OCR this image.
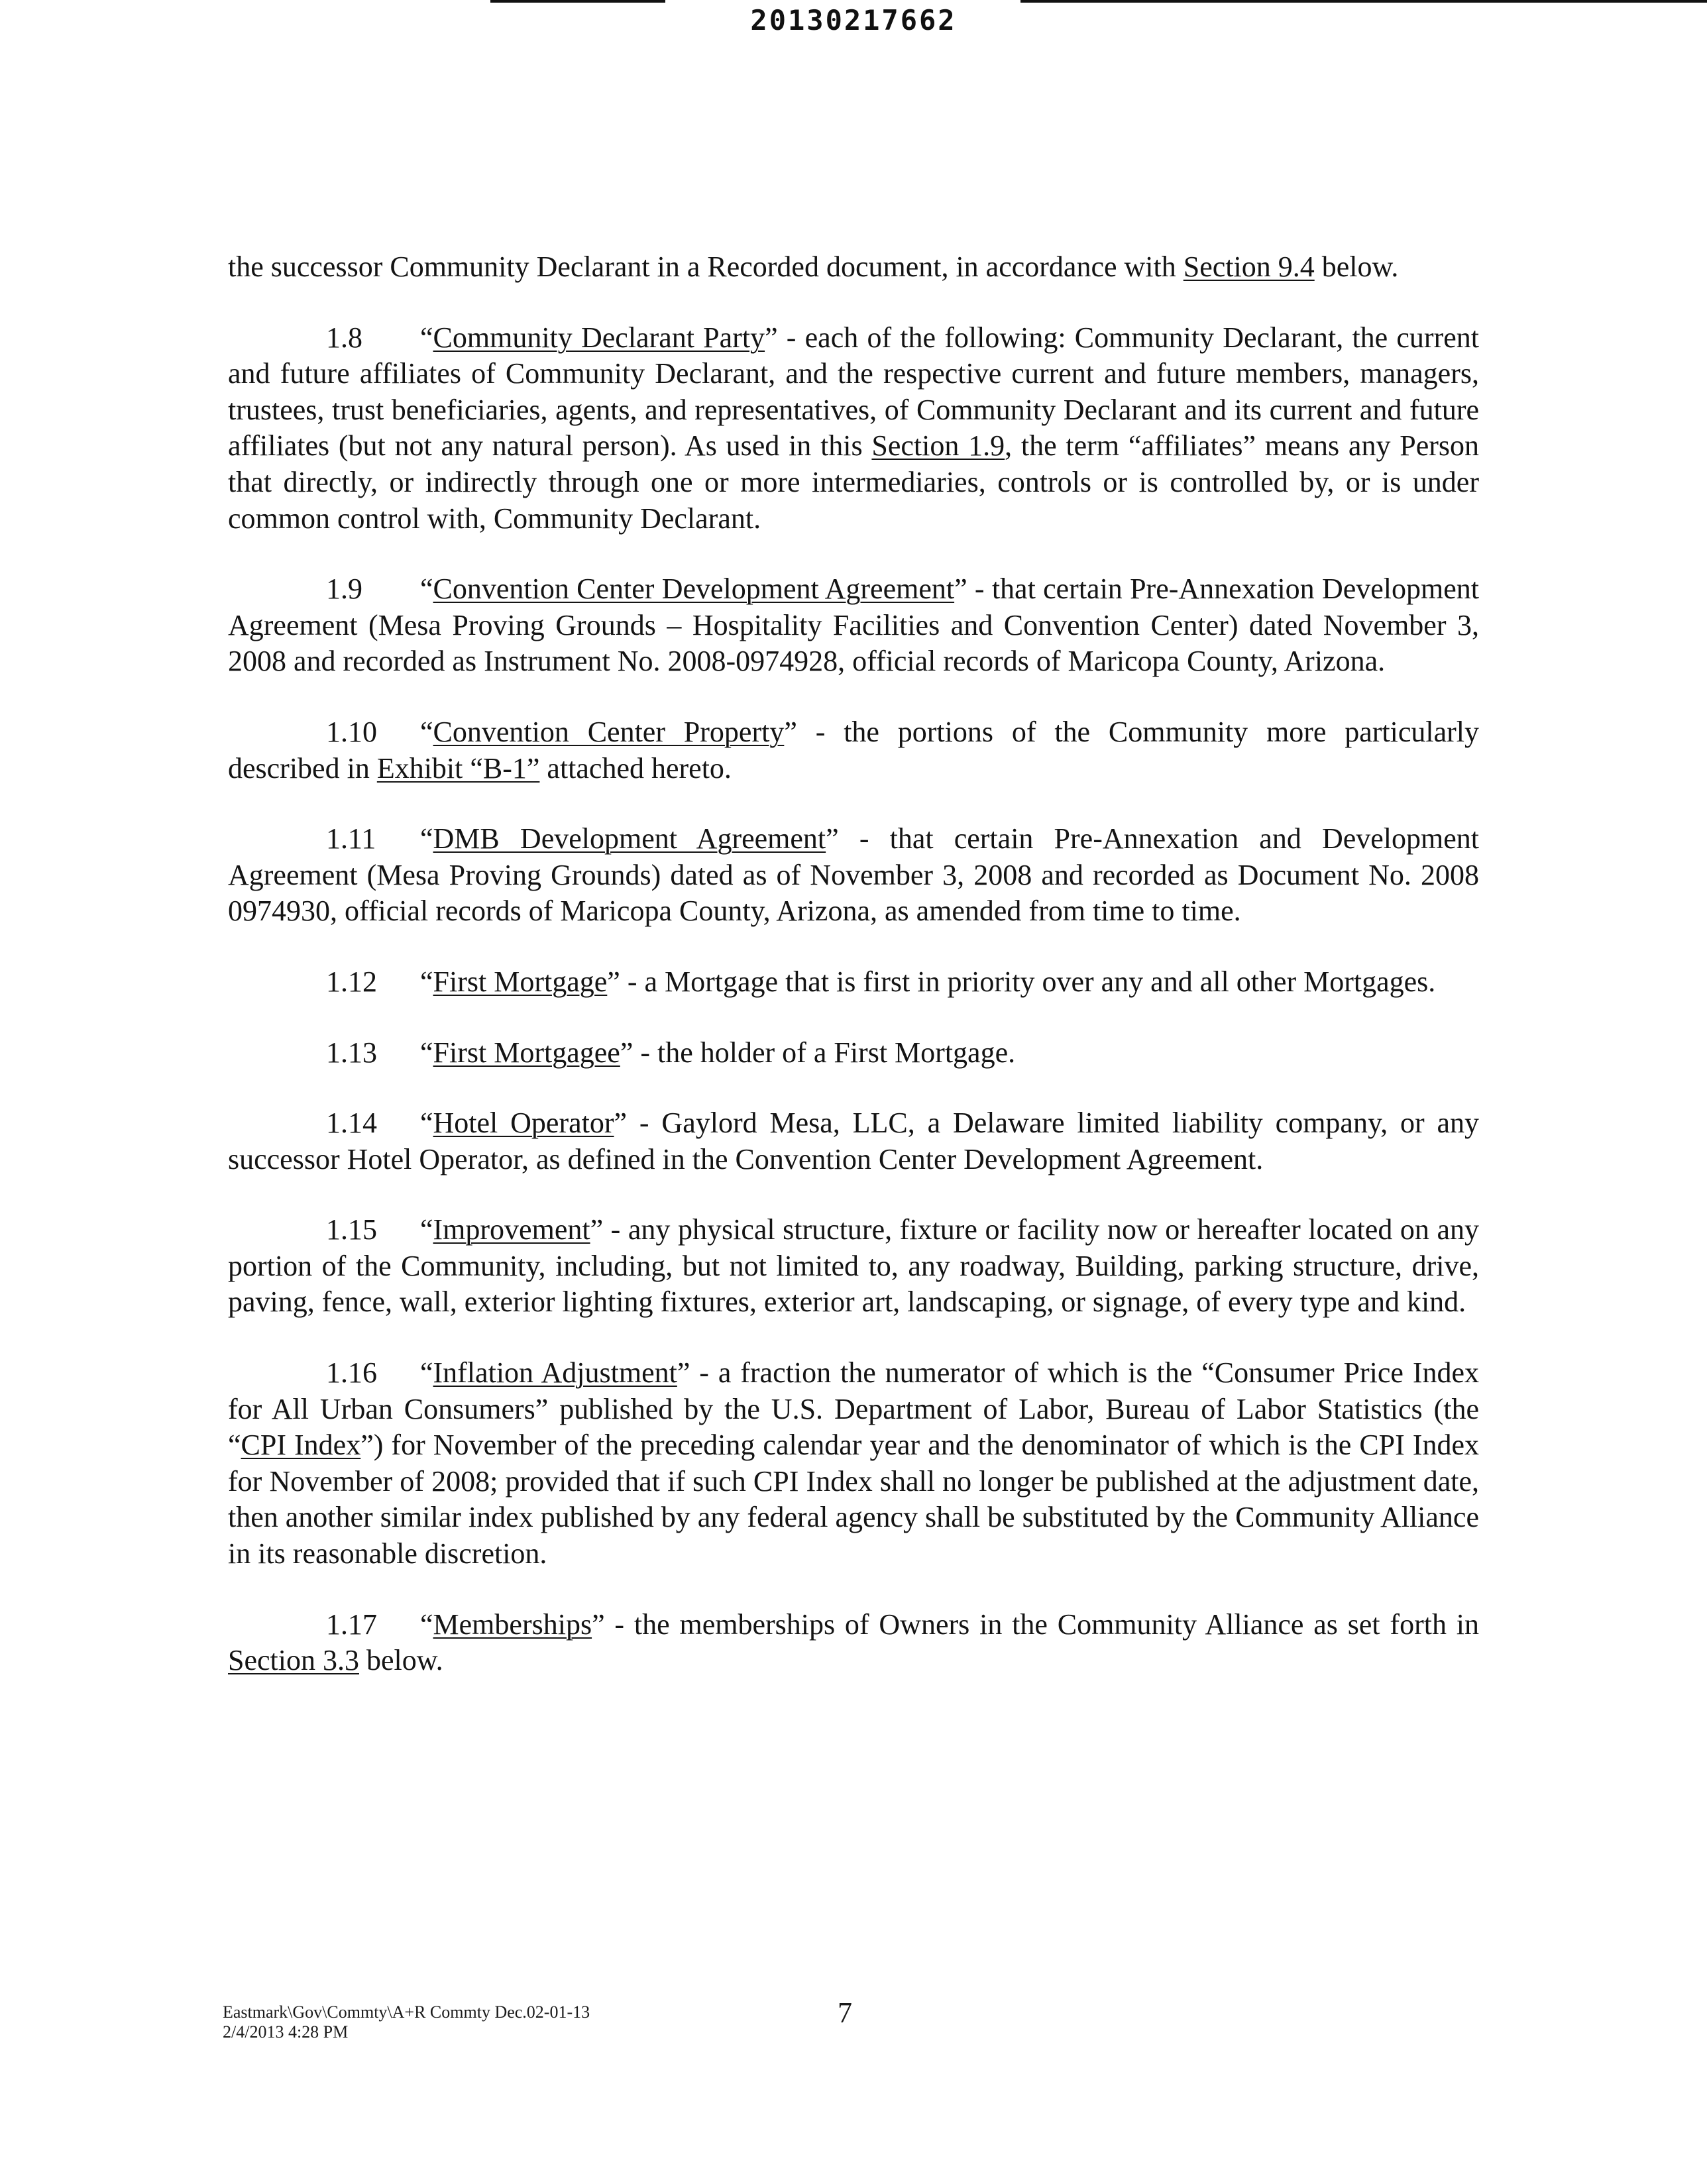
20130217662

the successor Community Declarant in a Recorded document, in accordance with Section 9.4 below.

1.8 “Community Declarant Party” - each of the following: Community Declarant, the current and future affiliates of Community Declarant, and the respective current and future members, managers, trustees, trust beneficiaries, agents, and representatives, of Community Declarant and its current and future affiliates (but not any natural person). As used in this Section 1.9, the term “affiliates” means any Person that directly, or indirectly through one or more intermediaries, controls or is controlled by, or is under common control with, Community Declarant.

1.9 “Convention Center Development Agreement” - that certain Pre-Annexation Development Agreement (Mesa Proving Grounds – Hospitality Facilities and Convention Center) dated November 3, 2008 and recorded as Instrument No. 2008-0974928, official records of Maricopa County, Arizona.

1.10 “Convention Center Property” - the portions of the Community more particularly described in Exhibit “B-1” attached hereto.

1.11 “DMB Development Agreement” - that certain Pre-Annexation and Development Agreement (Mesa Proving Grounds) dated as of November 3, 2008 and recorded as Document No. 2008 0974930, official records of Maricopa County, Arizona, as amended from time to time.

1.12 “First Mortgage” - a Mortgage that is first in priority over any and all other Mortgages.

1.13 “First Mortgagee” - the holder of a First Mortgage.

1.14 “Hotel Operator” - Gaylord Mesa, LLC, a Delaware limited liability company, or any successor Hotel Operator, as defined in the Convention Center Development Agreement.

1.15 “Improvement” - any physical structure, fixture or facility now or hereafter located on any portion of the Community, including, but not limited to, any roadway, Building, parking structure, drive, paving, fence, wall, exterior lighting fixtures, exterior art, landscaping, or signage, of every type and kind.

1.16 “Inflation Adjustment” - a fraction the numerator of which is the “Consumer Price Index for All Urban Consumers” published by the U.S. Department of Labor, Bureau of Labor Statistics (the “CPI Index”) for November of the preceding calendar year and the denominator of which is the CPI Index for November of 2008; provided that if such CPI Index shall no longer be published at the adjustment date, then another similar index published by any federal agency shall be substituted by the Community Alliance in its reasonable discretion.

1.17 “Memberships” - the memberships of Owners in the Community Alliance as set forth in Section 3.3 below.

Eastmark\Gov\Commty\A+R Commty Dec.02-01-13
2/4/2013 4:28 PM
7
